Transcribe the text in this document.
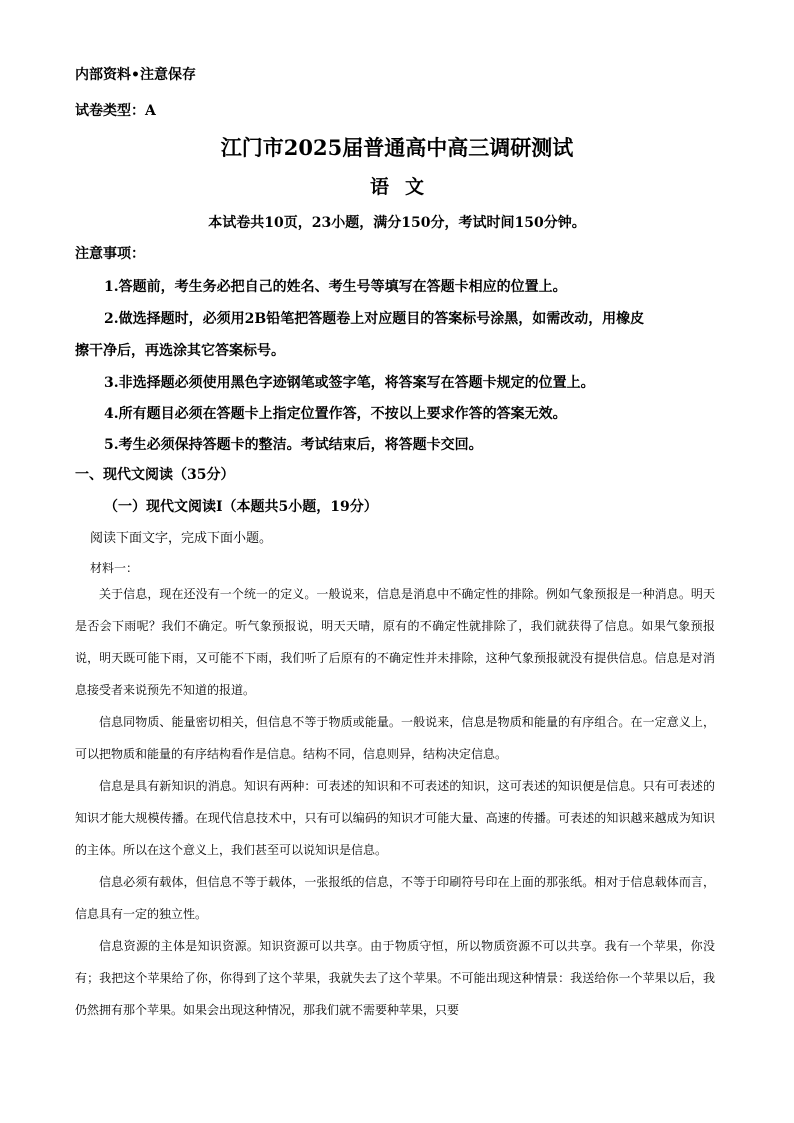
内部资料•注意保存
试卷类型：A
江门市2025届普通高中高三调研测试
语文
本试卷共10页，23小题，满分150分，考试时间150分钟。
注意事项：
1.答题前，考生务必把自己的姓名、考生号等填写在答题卡相应的位置上。
2.做选择题时，必须用2B铅笔把答题卷上对应题目的答案标号涂黑，如需改动，用橡皮
擦干净后，再选涂其它答案标号。
3.非选择题必须使用黑色字迹钢笔或签字笔，将答案写在答题卡规定的位置上。
4.所有题目必须在答题卡上指定位置作答，不按以上要求作答的答案无效。
5.考生必须保持答题卡的整洁。考试结束后，将答题卡交回。
一、现代文阅读（35分）
（一）现代文阅读Ⅰ（本题共5小题，19分）
阅读下面文字，完成下面小题。
材料一：

关于信息，现在还没有一个统一的定义。一般说来，信息是消息中不确定性的排除。例如气象预报是一种消息。明天是否会下雨呢？我们不确定。听气象预报说，明天天晴，原有的不确定性就排除了，我们就获得了信息。如果气象预报说，明天既可能下雨，又可能不下雨，我们听了后原有的不确定性并未排除，这种气象预报就没有提供信息。信息是对消息接受者来说预先不知道的报道。

信息同物质、能量密切相关，但信息不等于物质或能量。一般说来，信息是物质和能量的有序组合。在一定意义上，可以把物质和能量的有序结构看作是信息。结构不同，信息则异，结构决定信息。

信息是具有新知识的消息。知识有两种：可表述的知识和不可表述的知识，这可表述的知识便是信息。只有可表述的知识才能大规模传播。在现代信息技术中，只有可以编码的知识才可能大量、高速的传播。可表述的知识越来越成为知识的主体。所以在这个意义上，我们甚至可以说知识是信息。

信息必须有载体，但信息不等于载体，一张报纸的信息，不等于印刷符号印在上面的那张纸。相对于信息载体而言，信息具有一定的独立性。

信息资源的主体是知识资源。知识资源可以共享。由于物质守恒，所以物质资源不可以共享。我有一个苹果，你没有；我把这个苹果给了你，你得到了这个苹果，我就失去了这个苹果。不可能出现这种情景：我送给你一个苹果以后，我仍然拥有那个苹果。如果会出现这种情况，那我们就不需要种苹果，只要
